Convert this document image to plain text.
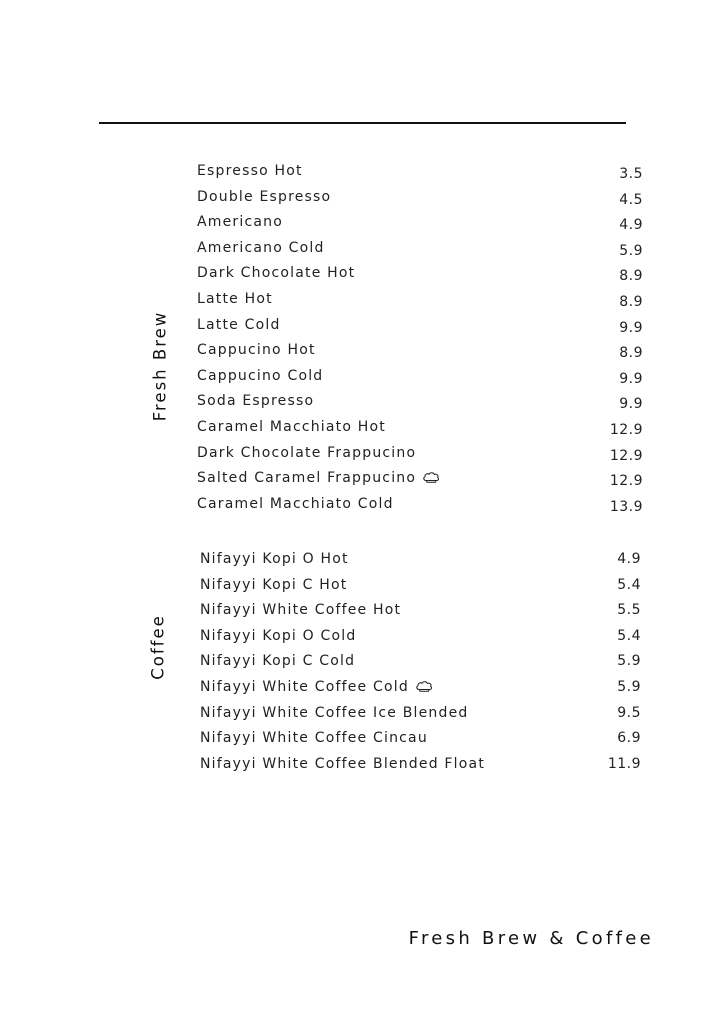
Fresh Brew
Espresso Hot	3.5
Double Espresso	4.5
Americano	4.9
Americano Cold	5.9
Dark Chocolate Hot	8.9
Latte Hot	8.9
Latte Cold	9.9
Cappucino Hot	8.9
Cappucino Cold	9.9
Soda Espresso	9.9
Caramel Macchiato Hot	12.9
Dark Chocolate Frappucino	12.9
Salted Caramel Frappucino	12.9
Caramel Macchiato Cold	13.9
Coffee
Nifayyi Kopi O Hot	4.9
Nifayyi Kopi C Hot	5.4
Nifayyi White Coffee Hot	5.5
Nifayyi Kopi O Cold	5.4
Nifayyi Kopi C Cold	5.9
Nifayyi White Coffee Cold	5.9
Nifayyi White Coffee Ice Blended	9.5
Nifayyi White Coffee Cincau	6.9
Nifayyi White Coffee Blended Float	11.9
Fresh Brew & Coffee
